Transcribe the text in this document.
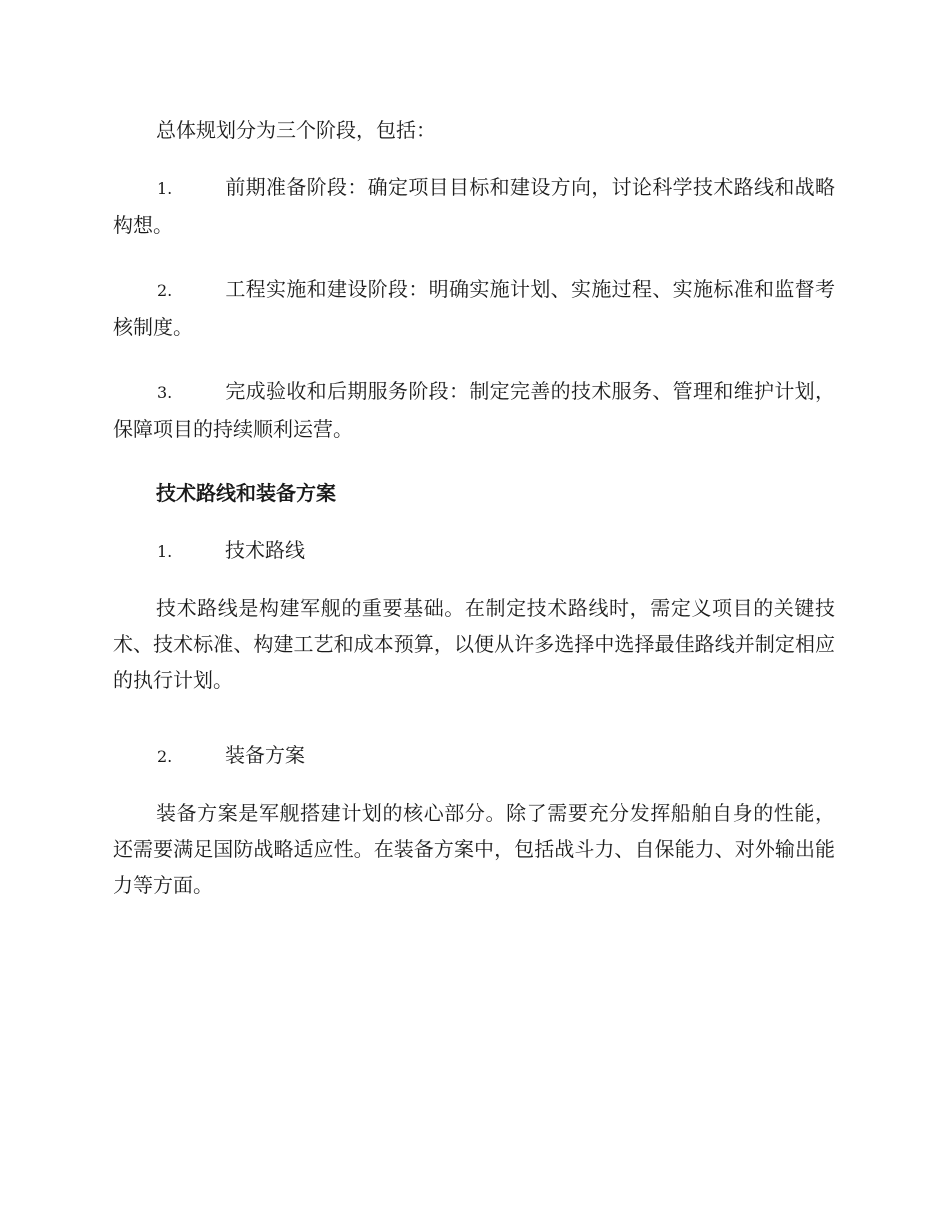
总体规划分为三个阶段，包括：

1.	前期准备阶段：确定项目目标和建设方向，讨论科学技术路线和战略构想。

2.	工程实施和建设阶段：明确实施计划、实施过程、实施标准和监督考核制度。

3.	完成验收和后期服务阶段：制定完善的技术服务、管理和维护计划，保障项目的持续顺利运营。

技术路线和装备方案

1.	技术路线

技术路线是构建军舰的重要基础。在制定技术路线时，需定义项目的关键技术、技术标准、构建工艺和成本预算，以便从许多选择中选择最佳路线并制定相应的执行计划。

2.	装备方案

装备方案是军舰搭建计划的核心部分。除了需要充分发挥船舶自身的性能，还需要满足国防战略适应性。在装备方案中，包括战斗力、自保能力、对外输出能力等方面。
